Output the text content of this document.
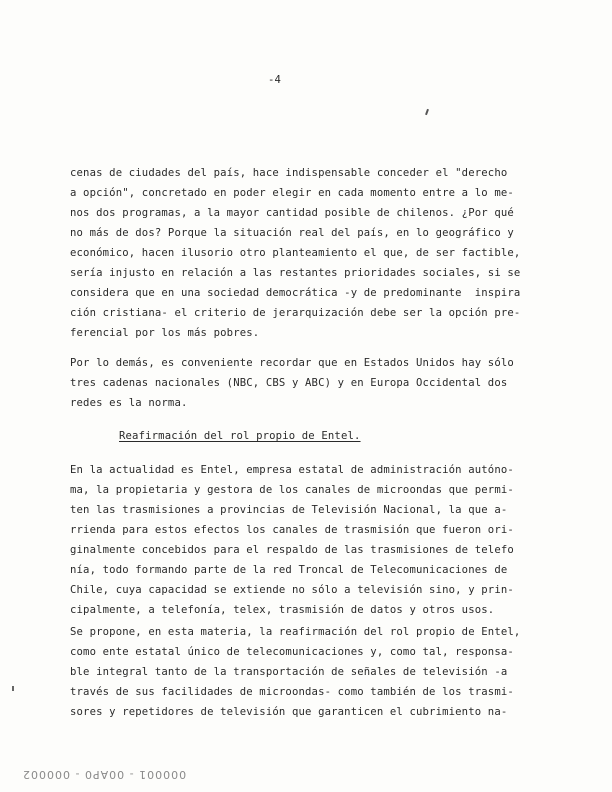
-4
cenas de ciudades del país, hace indispensable conceder el "derecho
a opción", concretado en poder elegir en cada momento entre a lo me-
nos dos programas, a la mayor cantidad posible de chilenos. ¿Por qué
no más de dos? Porque la situación real del país, en lo geográfico y
económico, hacen ilusorio otro planteamiento el que, de ser factible,
sería injusto en relación a las restantes prioridades sociales, si se
considera que en una sociedad democrática -y de predominante  inspira
ción cristiana- el criterio de jerarquización debe ser la opción pre-
ferencial por los más pobres.
Por lo demás, es conveniente recordar que en Estados Unidos hay sólo
tres cadenas nacionales (NBC, CBS y ABC) y en Europa Occidental dos
redes es la norma.
Reafirmación del rol propio de Entel.
En la actualidad es Entel, empresa estatal de administración autóno-
ma, la propietaria y gestora de los canales de microondas que permi-
ten las trasmisiones a provincias de Televisión Nacional, la que a-
rrienda para estos efectos los canales de trasmisión que fueron ori-
ginalmente concebidos para el respaldo de las trasmisiones de telefo
nía, todo formando parte de la red Troncal de Telecomunicaciones de
Chile, cuya capacidad se extiende no sólo a televisión sino, y prin-
cipalmente, a telefonía, telex, trasmisión de datos y otros usos.
Se propone, en esta materia, la reafirmación del rol propio de Entel,
como ente estatal único de telecomunicaciones y, como tal, responsa-
ble integral tanto de la transportación de señales de televisión -a
través de sus facilidades de microondas- como también de los trasmi-
sores y repetidores de televisión que garanticen el cubrimiento na-
000001 - 00AP0 - 000002
